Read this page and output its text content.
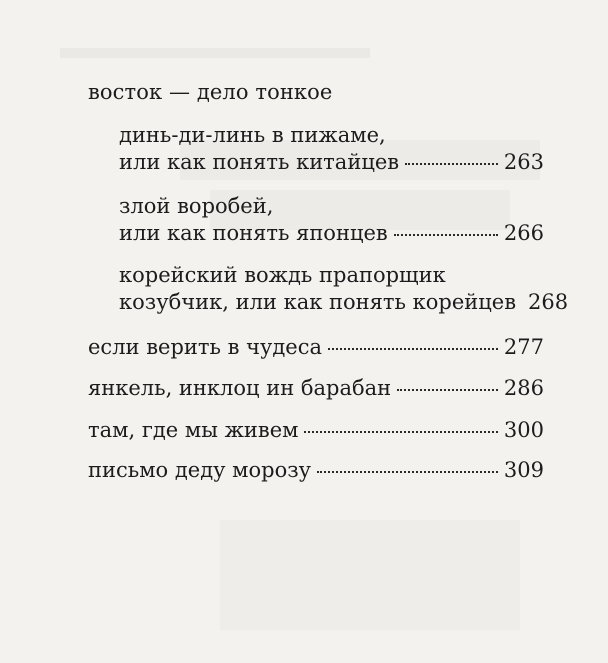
восток — дело тонкое
динь-ди-линь в пижаме,
или как понять китайцев	263
злой воробей,
или как понять японцев	266
корейский вождь прапорщик
козубчик, или как понять корейцев 268
если верить в чудеса	277
янкель, инклоц ин барабан	286
там, где мы живем	300
письмо деду морозу	309
